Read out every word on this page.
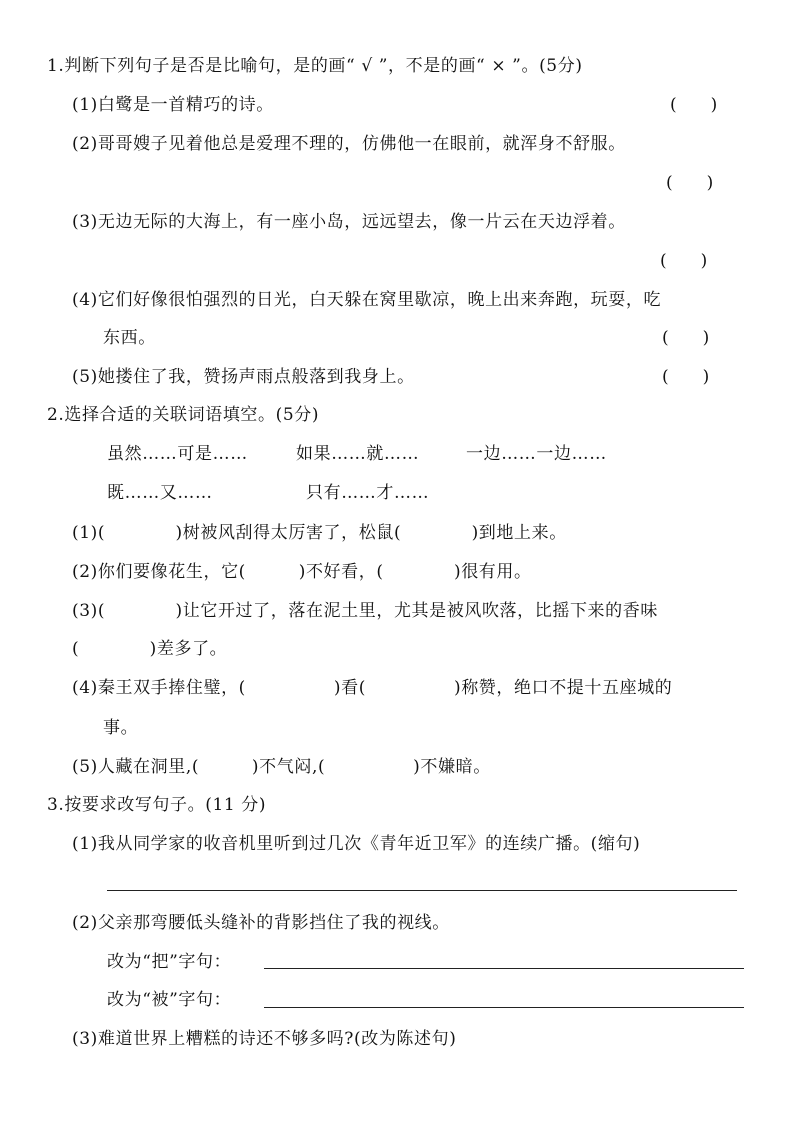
1.判断下列句子是否是比喻句，是的画“ √ ”，不是的画“ × ”。(5分)
(1)白鹭是一首精巧的诗。	(　　)
(2)哥哥嫂子见着他总是爱理不理的，仿佛他一在眼前，就浑身不舒服。
(　　)
(3)无边无际的大海上，有一座小岛，远远望去，像一片云在天边浮着。
(　　)
(4)它们好像很怕强烈的日光，白天躲在窝里歇凉，晚上出来奔跑，玩耍，吃
东西。	(　　)
(5)她搂住了我，赞扬声雨点般落到我身上。	(　　)
2.选择合适的关联词语填空。(5分)
虽然……可是……	如果……就……	一边……一边……
既……又……	只有……才……
(1)(　　　　)树被风刮得太厉害了，松鼠(　　　　)到地上来。
(2)你们要像花生，它(　　　)不好看，(　　　　)很有用。
(3)(　　　　)让它开过了，落在泥土里，尤其是被风吹落，比摇下来的香味
(　　　　)差多了。
(4)秦王双手捧住璧，(　　　　　)看(　　　　　)称赞，绝口不提十五座城的
事。
(5)人藏在洞里,(　　　)不气闷,(　　　　　)不嫌暗。
3.按要求改写句子。(11 分)
(1)我从同学家的收音机里听到过几次《青年近卫军》的连续广播。(缩句)
(2)父亲那弯腰低头缝补的背影挡住了我的视线。
改为“把”字句：
改为“被”字句：
(3)难道世界上糟糕的诗还不够多吗?(改为陈述句)
